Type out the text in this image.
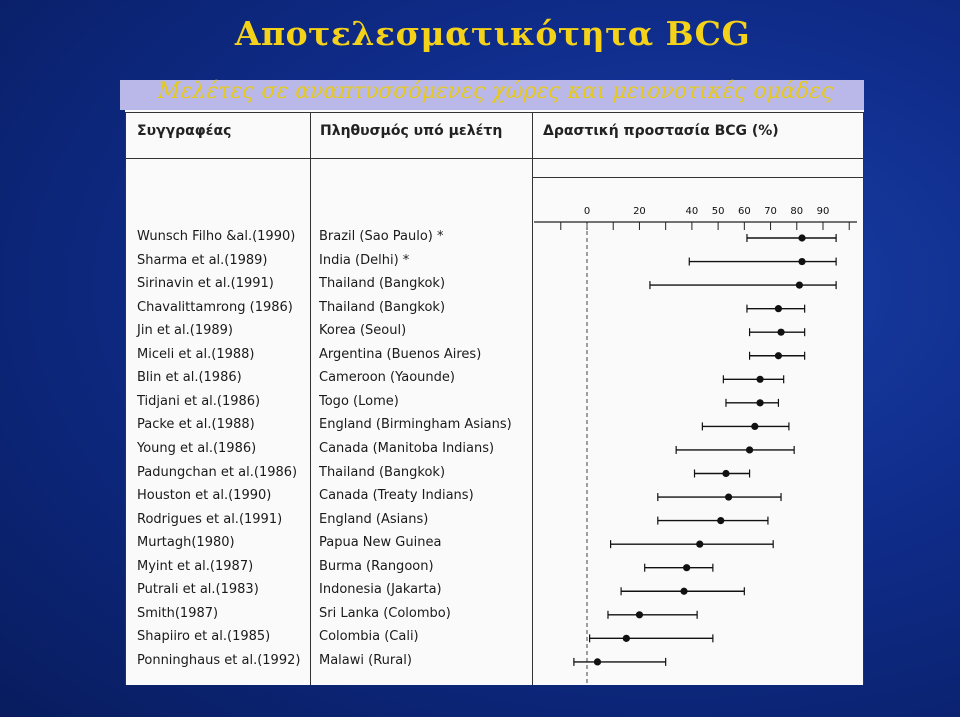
Αποτελεσματικότητα BCG
Μελέτες σε αναπτυσσόμενες χώρες και μειονοτικές ομάδες
Συγγραφέας	Πληθυσμός υπό μελέτη	Δραστική προστασία BCG (%)
Wunsch Filho &al.(1990) Brazil (Sao Paulo) *
Sharma et al.(1989)	India (Delhi) *
Sirinavin et al.(1991)	Thailand (Bangkok)
Chavalittamrong (1986) Thailand (Bangkok)
Jin et al.(1989)	Korea (Seoul)
Miceli et al.(1988)	Argentina (Buenos Aires)
Blin et al.(1986)	Cameroon (Yaounde)
Tidjani et al.(1986)	Togo (Lome)
Packe et al.(1988)	England (Birmingham Asians)
Young et al.(1986)	Canada (Manitoba Indians)
Padungchan et al.(1986) Thailand (Bangkok)
Houston et al.(1990)	Canada (Treaty Indians)
Rodrigues et al.(1991)	England (Asians)
Murtagh(1980)	Papua New Guinea
Myint et al.(1987)	Burma (Rangoon)
Putrali et al.(1983)	Indonesia (Jakarta)
Smith(1987)	Sri Lanka (Colombo)
Shapiiro et al.(1985)	Colombia (Cali)
Ponninghaus et al.(1992) Malawi (Rural)
0	20	40 50 60 70 80 90
